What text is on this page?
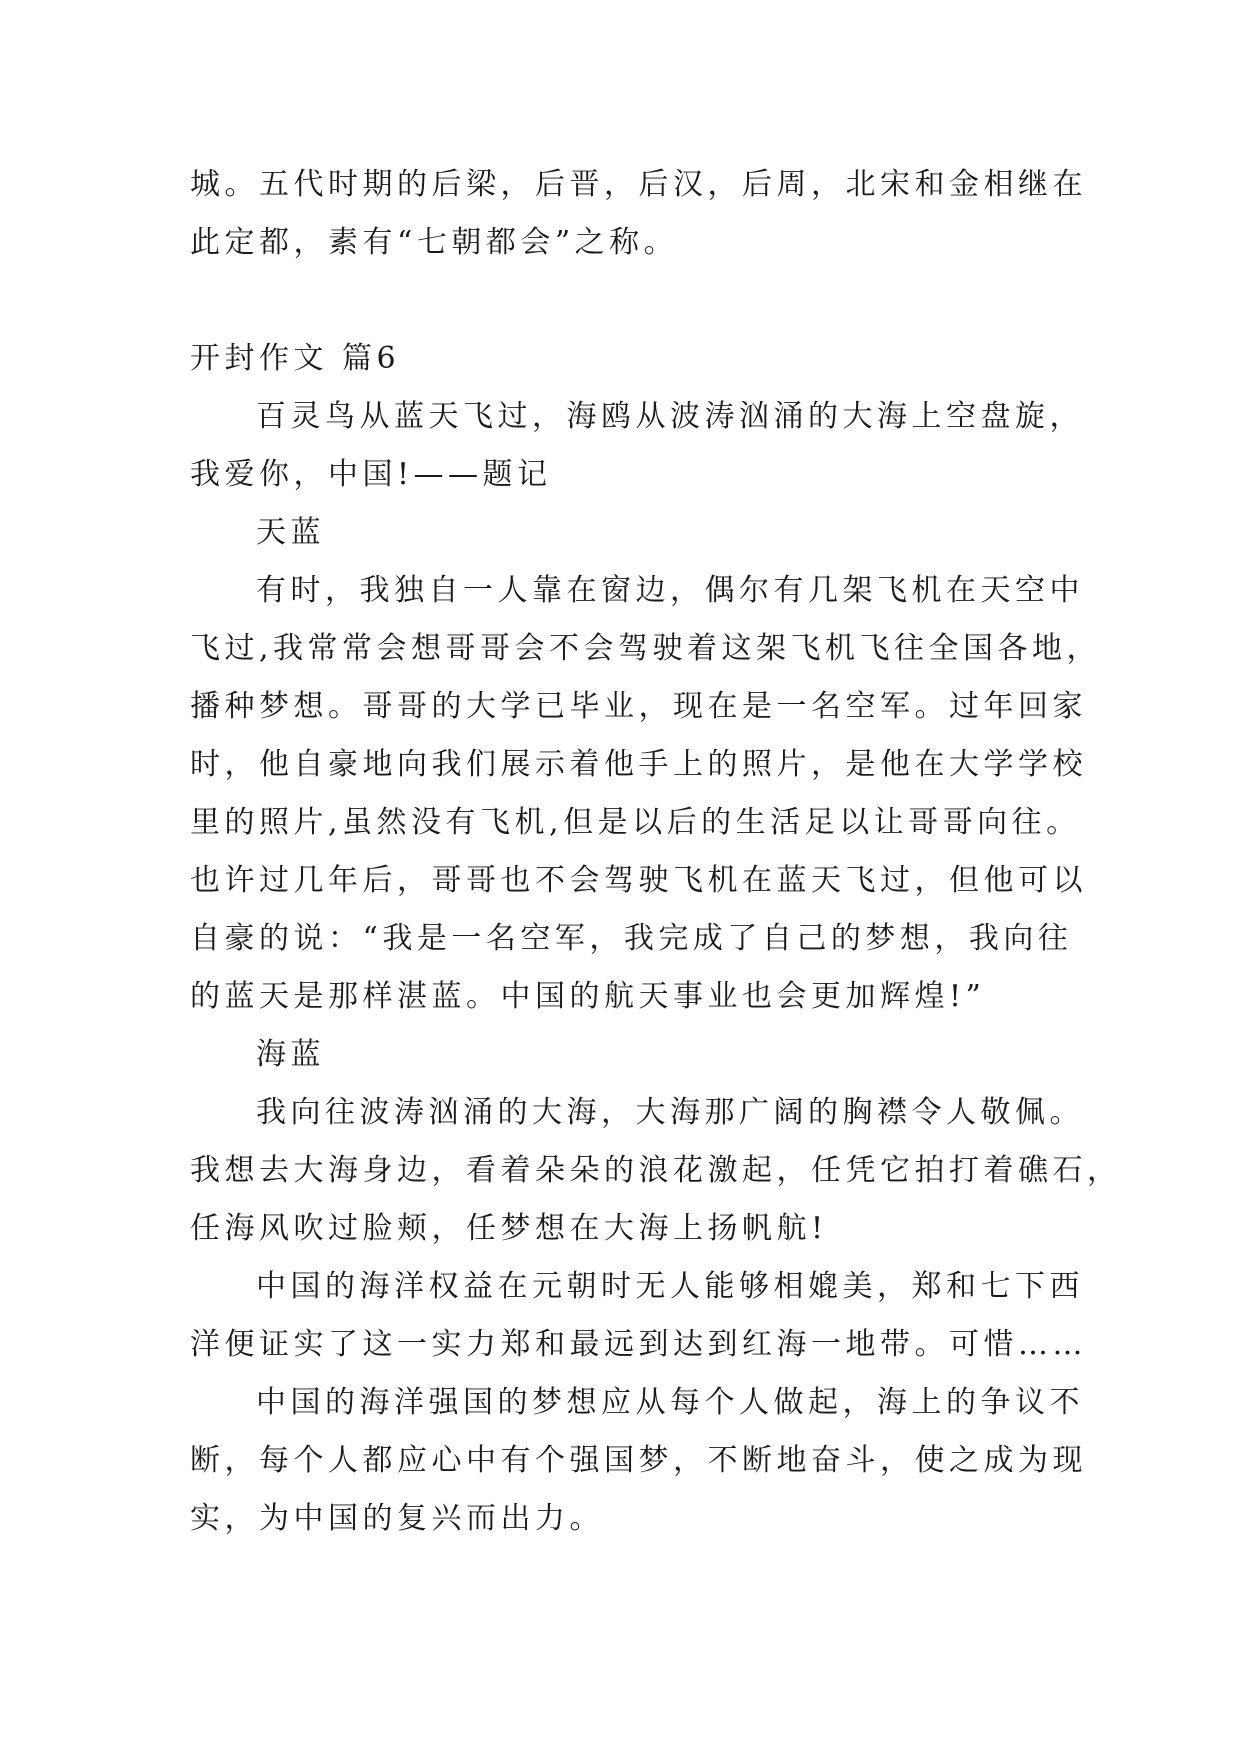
城。五代时期的后梁，后晋，后汉，后周，北宋和金相继在
此定都，素有“七朝都会”之称。
开封作文 篇6
百灵鸟从蓝天飞过，海鸥从波涛汹涌的大海上空盘旋，
我爱你，中国!——题记
天蓝
有时，我独自一人靠在窗边，偶尔有几架飞机在天空中
飞过,我常常会想哥哥会不会驾驶着这架飞机飞往全国各地，
播种梦想。哥哥的大学已毕业，现在是一名空军。过年回家
时，他自豪地向我们展示着他手上的照片，是他在大学学校
里的照片,虽然没有飞机,但是以后的生活足以让哥哥向往。
也许过几年后，哥哥也不会驾驶飞机在蓝天飞过，但他可以
自豪的说：“我是一名空军，我完成了自己的梦想，我向往
的蓝天是那样湛蓝。中国的航天事业也会更加辉煌!”
海蓝
我向往波涛汹涌的大海，大海那广阔的胸襟令人敬佩。
我想去大海身边，看着朵朵的浪花激起，任凭它拍打着礁石，
任海风吹过脸颊，任梦想在大海上扬帆航!
中国的海洋权益在元朝时无人能够相媲美，郑和七下西
洋便证实了这一实力郑和最远到达到红海一地带。可惜……
中国的海洋强国的梦想应从每个人做起，海上的争议不
断，每个人都应心中有个强国梦，不断地奋斗，使之成为现
实，为中国的复兴而出力。
